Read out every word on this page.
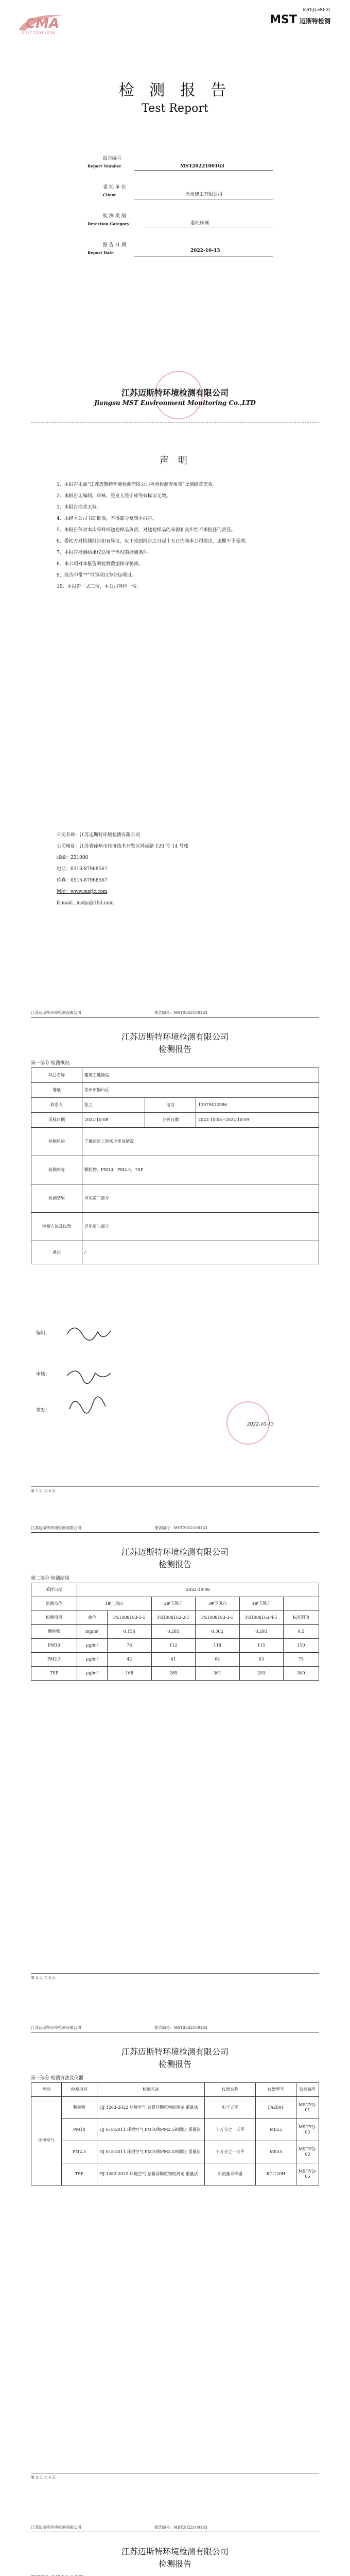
CMA
201712011234
MST-JL-BG-01
MST 迈斯特检测
检 测 报 告
Test Report
报告编号
Report Number	MST2022100163
委 托 单 位
Client	徐州建工有限公司
检 测 类 别
Detection Category	委托检测
报 告 日 期
Report Date	2022-10-13
江苏迈斯特环境检测有限公司
Jiangsu MST Environment Monitoring Co.,LTD
声 明
1、本报告未加“江苏迈斯特环境检测有限公司检验检测专用章”及骑缝章无效。
2、本报告无编制、审核、签发人签字或等效标识无效。
3、本报告涂改无效。
4、未经本公司书面批准，不得部分复制本报告。
5、本报告仅对本次采样或送检样品负责，对送检样品的来源和真实性不承担任何责任。
6、委托方对检测报告如有异议，应于收到报告之日起十五日内向本公司提出，逾期不予受理。
7、本报告检测结果仅适用于当时的检测条件。
8、本公司对本报告的检测数据保守秘密。
9、报告中带“*”号的项目为分包项目。
10、本报告一式三份，本公司存档一份。
公司名称：江苏迈斯特环境检测有限公司
公司地址：江苏省徐州市经济技术开发区鸿运路 120 号 14 号楼
邮编：221000
电话：0516-87968567
传真：0516-87968567
网址：www.mstjc.com
E-mail：mstjc@163.com
江苏迈斯特环境检测有限公司	报告编号：MST2022100163
江苏迈斯特环境检测有限公司
检测报告
第一部分 检测概况
项目名称	建筑工地扬尘		
地址	徐州市铜山区		
联系人	张工	电话	13579412586
采样日期	2022-10-08	分析日期	2022-10-08~2022-10-09
检测目的	了解建筑工地扬尘排放情况		
检测内容	颗粒物、PM10、PM2.5、TSP		
检测结果	详见第二部分		
检测方法及仪器	详见第三部分		
备注	/		
编制：
审核：
签发：
2022-10-13
第 1 页 共 4 页
江苏迈斯特环境检测有限公司	报告编号：MST2022100163
江苏迈斯特环境检测有限公司
检测报告
第二部分 检测结果
采样日期	2022-10-08					
监测点位	1#上风向		2#下风向	3#下风向	4#下风向	
检测项目	单位	FS1008163-1-1	FS1008163-2-1	FS1008163-3-1	FS1008163-4-1	标准限值
颗粒物	mg/m³	0.156	0.285	0.302	0.293	0.5
PM10	μg/m³	78	112	118	115	150
PM2.5	μg/m³	42	61	64	63	75
TSP	μg/m³	168	285	301	293	300
第 2 页 共 4 页
江苏迈斯特环境检测有限公司	报告编号：MST2022100163
江苏迈斯特环境检测有限公司
检测报告
第三部分 检测方法及仪器
类别	检测项目	检测方法	仪器名称	仪器型号	仪器编号
环境空气	颗粒物	HJ 1263-2022 环境空气 总悬浮颗粒物的测定 重量法	电子天平	FA2004	MST-YQ-01
	PM10	HJ 618-2011 环境空气 PM10和PM2.5的测定 重量法	十万分之一天平	ME55	MST-YQ-02
	PM2.5	HJ 618-2011 环境空气 PM10和PM2.5的测定 重量法	十万分之一天平	ME55	MST-YQ-02
	TSP	HJ 1263-2022 环境空气 总悬浮颗粒物的测定 重量法	中流量采样器	KC-120H	MST-YQ-05
第 3 页 共 4 页
江苏迈斯特环境检测有限公司	报告编号：MST2022100163
江苏迈斯特环境检测有限公司
检测报告
